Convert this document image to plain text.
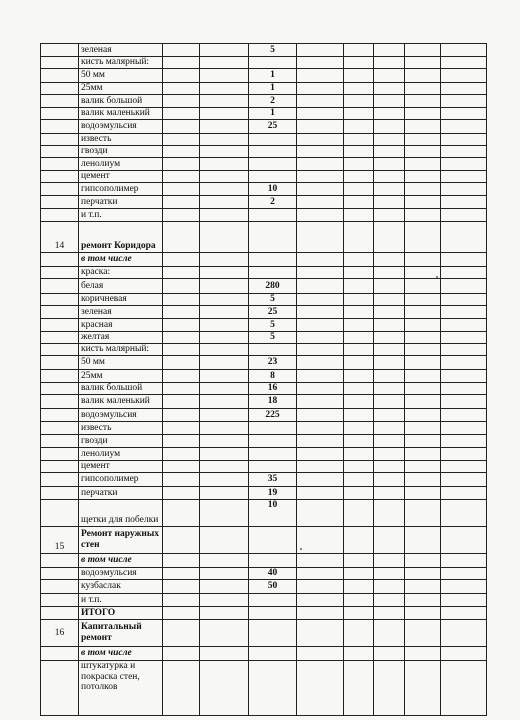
	зеленая			5					
	кисть малярный:								
	50 мм			1					
	25мм			1					
	валик большой			2					
	валик маленький			1					
	водоэмульсия			25					
	известь								
	гвозди								
	ленолиум								
	цемент								
	гипсополимер			10					
	перчатки			2					
	и т.п.								
14	ремонт Коридора								
	в том числе								
	краска:								
	белая			280					
	коричневая			5					
	зеленая			25					
	красная			5					
	желтая			5					
	кисть малярный:								
	50 мм			23					
	25мм			8					
	валик большой			16					
	валик маленький			18					
	водоэмульсия			225					
	известь								
	гвозди								
	ленолиум								
	цемент								
	гипсополимер			35					
	перчатки			19					
	щетки для побелки			10					
15	Ремонт наружных стен								
	в том числе								
	водоэмульсия			40					
	кузбаслак			50					
	и т.п.								
	ИТОГО								
16	Капитальный ремонт								
	в том числе								
	штукатурка и покраска стен, потолков								
